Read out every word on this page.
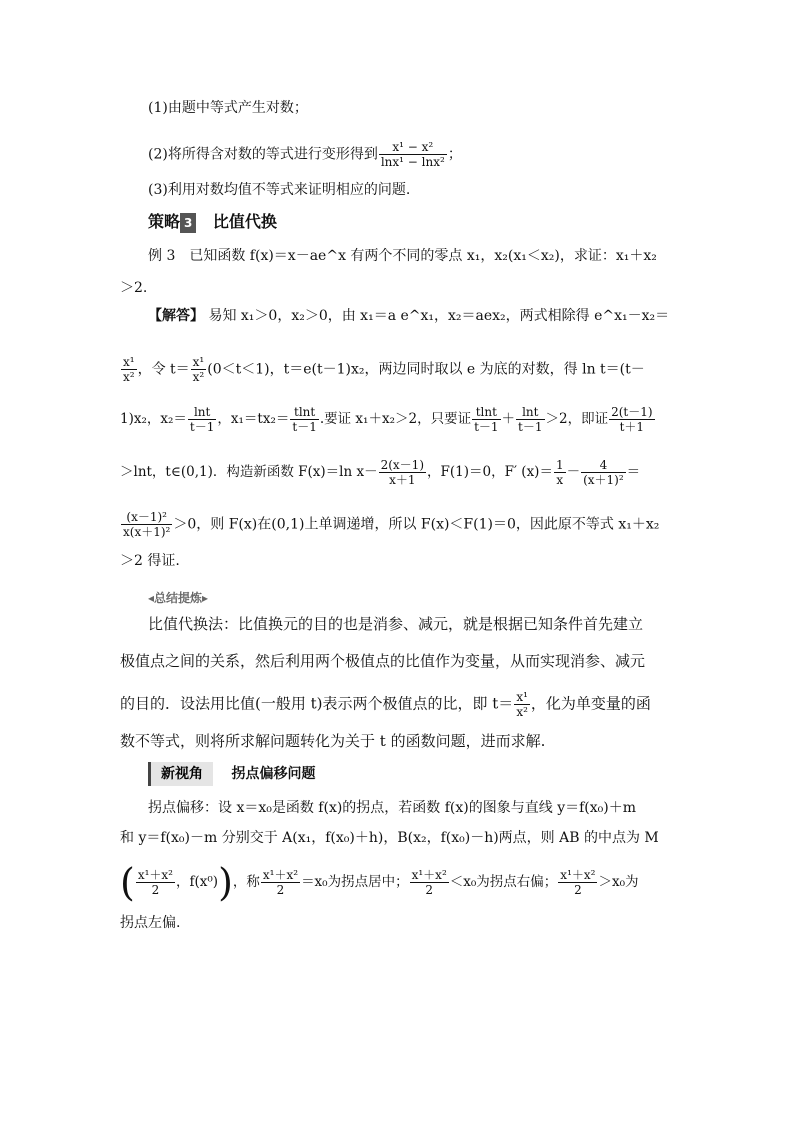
(1)由题中等式产生对数；
(2)将所得含对数的等式进行变形得到 $\frac{\text{x¹ − x²}}{\text{lnx¹ − lnx²}}$ ；
(3)利用对数均值不等式来证明相应的问题.
策略 3 比值代换
例 3　已知函数 f(x)＝x－ae^x 有两个不同的零点 x₁，x₂(x₁＜x₂)，求证：x₁＋x₂
＞2.
【解答】 易知 x₁＞0，x₂＞0，由 x₁＝a e^x₁，x₂＝aex₂，两式相除得 e^x₁－x₂＝
$\frac{\text{x¹}}{\text{x²}}$ ，令 $t= \frac{\text{x¹}}{\text{x²}} (0<t<1)$，t＝e(t－1)x₂，两边同时取以 e 为底的对数，得 ln t＝(t－
1)x₂，$x_2= \frac{\ln t}{t-1}$ ，$x_1=tx_2= \frac{tlnt}{t-1}$ .要证 x₁＋x₂＞2，只要证 $\frac{tlnt}{t-1} + \frac{\ln t}{t-1} >2$，即证 $\frac{2(t-1)}{t+1}$
＞lnt，t∈(0,1)．构造新函数 F(x)＝ln $x- \frac{2(x-1)}{x+1}$ ，F(1)＝0，F′ $(x)= \frac{1}{x} - \frac{4}{\text{(x＋1)²}}$ ＝
$\frac{\text{(x－1)²}}{\text{x(x＋1)²}} >0$，则 F(x)在(0,1)上单调递增，所以 F(x)＜F(1)＝0，因此原不等式 x₁＋x₂
＞2 得证.
◂总结提炼▸
比值代换法：比值换元的目的也是消参、减元，就是根据已知条件首先建立
极值点之间的关系，然后利用两个极值点的比值作为变量，从而实现消参、减元
的目的．设法用比值(一般用 t)表示两个极值点的比，即 $t= \frac{\text{x¹}}{\text{x²}}$ ，化为单变量的函
数不等式，则将所求解问题转化为关于 t 的函数问题，进而求解.
新视角 拐点偏移问题
拐点偏移：设 x＝x₀是函数 f(x)的拐点，若函数 f(x)的图象与直线 y＝f(x₀)＋m
和 y＝f(x₀)－m 分别交于 A(x₁，f(x₀)＋h)，B(x₂，f(x₀)－h)两点，则 AB 的中点为 M
( $\frac{\text{x¹＋x²}}{2}$ ，f(x⁰))，称 $\frac{\text{x¹＋x²}}{2} =x_0$为拐点居中； $\frac{\text{x¹＋x²}}{2} <x_0$为拐点右偏； $\frac{\text{x¹＋x²}}{2} >x_0$为
拐点左偏.
